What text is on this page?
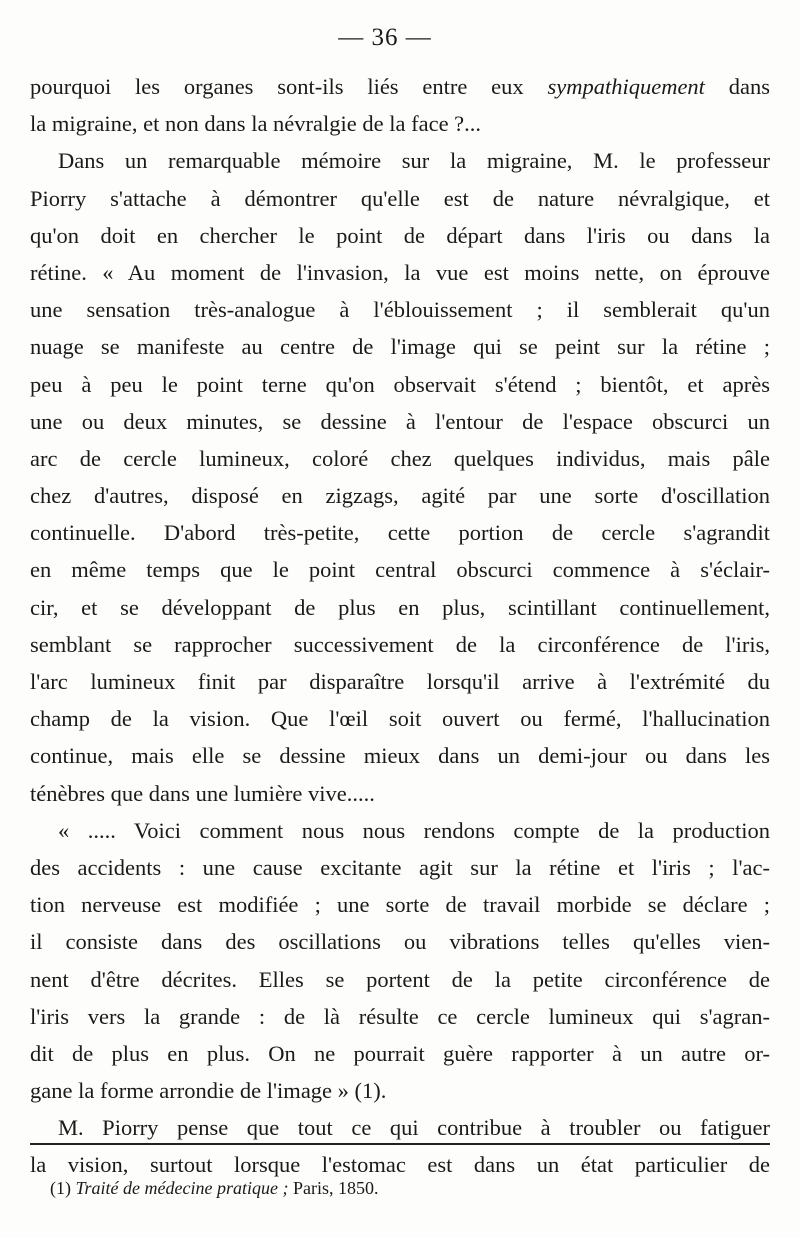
— 36 —
pourquoi les organes sont-ils liés entre eux sympathiquement dans
la migraine, et non dans la névralgie de la face ?...
Dans un remarquable mémoire sur la migraine, M. le professeur
Piorry s'attache à démontrer qu'elle est de nature névralgique, et
qu'on doit en chercher le point de départ dans l'iris ou dans la
rétine. « Au moment de l'invasion, la vue est moins nette, on éprouve
une sensation très-analogue à l'éblouissement ; il semblerait qu'un
nuage se manifeste au centre de l'image qui se peint sur la rétine ;
peu à peu le point terne qu'on observait s'étend ; bientôt, et après
une ou deux minutes, se dessine à l'entour de l'espace obscurci un
arc de cercle lumineux, coloré chez quelques individus, mais pâle
chez d'autres, disposé en zigzags, agité par une sorte d'oscillation
continuelle. D'abord très-petite, cette portion de cercle s'agrandit
en même temps que le point central obscurci commence à s'éclair-
cir, et se développant de plus en plus, scintillant continuellement,
semblant se rapprocher successivement de la circonférence de l'iris,
l'arc lumineux finit par disparaître lorsqu'il arrive à l'extrémité du
champ de la vision. Que l'œil soit ouvert ou fermé, l'hallucination
continue, mais elle se dessine mieux dans un demi-jour ou dans les
ténèbres que dans une lumière vive.....
« ..... Voici comment nous nous rendons compte de la production
des accidents : une cause excitante agit sur la rétine et l'iris ; l'ac-
tion nerveuse est modifiée ; une sorte de travail morbide se déclare ;
il consiste dans des oscillations ou vibrations telles qu'elles vien-
nent d'être décrites. Elles se portent de la petite circonférence de
l'iris vers la grande : de là résulte ce cercle lumineux qui s'agran-
dit de plus en plus. On ne pourrait guère rapporter à un autre or-
gane la forme arrondie de l'image » (1).
M. Piorry pense que tout ce qui contribue à troubler ou fatiguer
la vision, surtout lorsque l'estomac est dans un état particulier de
(1) Traité de médecine pratique ; Paris, 1850.
